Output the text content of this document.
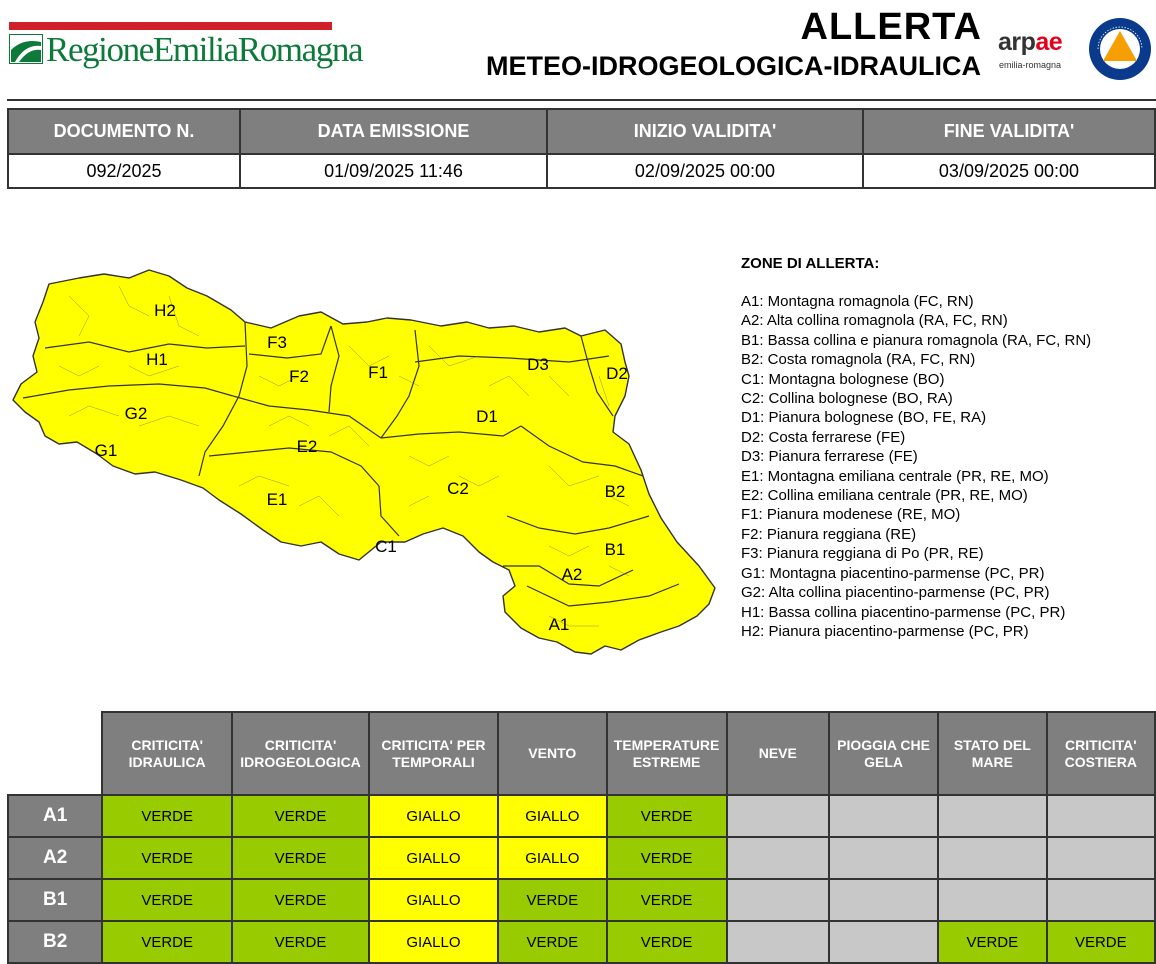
RegioneEmiliaRomagna
ALLERTA
METEO-IDROGEOLOGICA-IDRAULICA
arpae
emilia-romagna
DOCUMENTO N.	DATA EMISSIONE	INIZIO VALIDITA'	FINE VALIDITA'
092/2025	01/09/2025 11:46	02/09/2025 00:00	03/09/2025 00:00
H2
H1
G2
G1
F3
F2	F1
E2
E1
D3	D2
D1
C2
C1
B2
B1
A2
A1
ZONE DI ALLERTA:
A1: Montagna romagnola (FC, RN)
A2: Alta collina romagnola (RA, FC, RN)
B1: Bassa collina e pianura romagnola (RA, FC, RN)
B2: Costa romagnola (RA, FC, RN)
C1: Montagna bolognese (BO)
C2: Collina bolognese (BO, RA)
D1: Pianura bolognese (BO, FE, RA)
D2: Costa ferrarese (FE)
D3: Pianura ferrarese (FE)
E1: Montagna emiliana centrale (PR, RE, MO)
E2: Collina emiliana centrale (PR, RE, MO)
F1: Pianura modenese (RE, MO)
F2: Pianura reggiana (RE)
F3: Pianura reggiana di Po (PR, RE)
G1: Montagna piacentino-parmense (PC, PR)
G2: Alta collina piacentino-parmense (PC, PR)
H1: Bassa collina piacentino-parmense (PC, PR)
H2: Pianura piacentino-parmense (PC, PR)
	CRITICITA' IDRAULICA	CRITICITA' IDROGEOLOGICA	CRITICITA' PER TEMPORALI	VENTO	TEMPERATURE ESTREME	NEVE	PIOGGIA CHE GELA	STATO DEL MARE	CRITICITA' COSTIERA
A1	VERDE	VERDE	GIALLO	GIALLO	VERDE				
A2	VERDE	VERDE	GIALLO	GIALLO	VERDE				
B1	VERDE	VERDE	GIALLO	VERDE	VERDE				
B2	VERDE	VERDE	GIALLO	VERDE	VERDE			VERDE	VERDE
